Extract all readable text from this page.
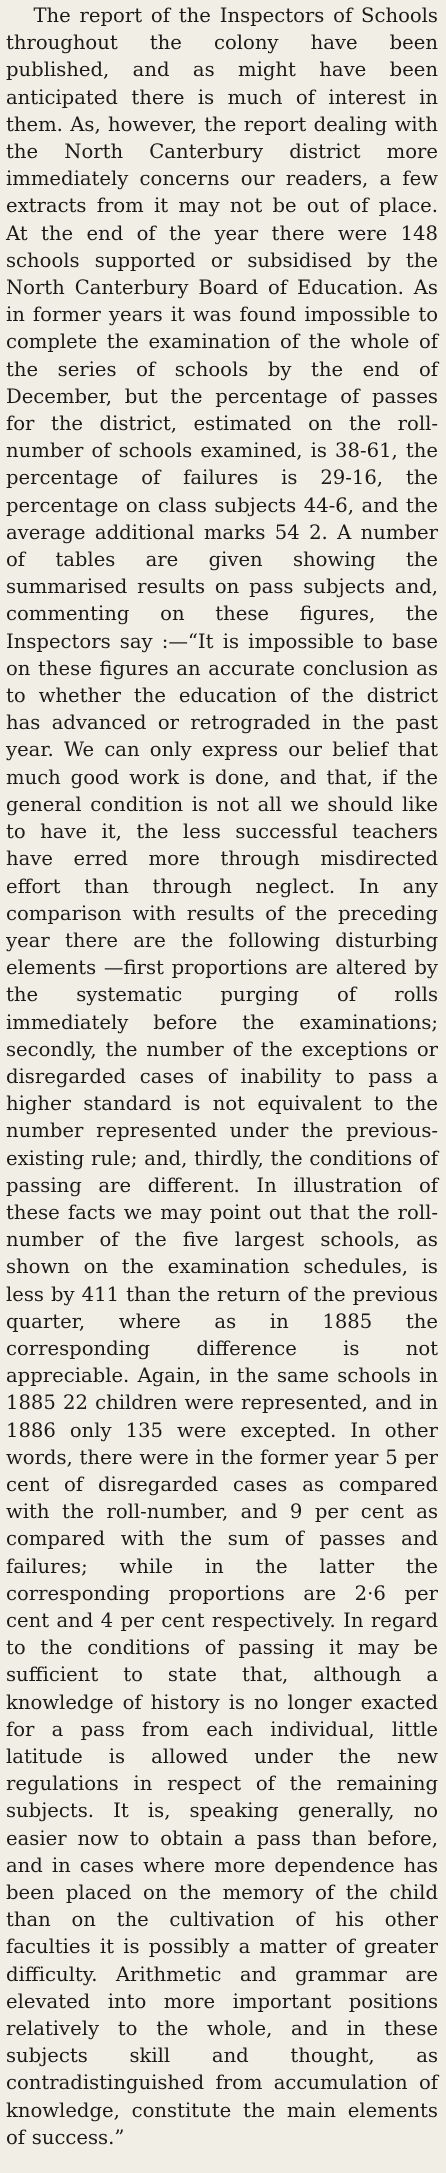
The report of the Inspectors of Schools throughout the colony have been published, and as might have been anticipated there is much of interest in them. As, however, the report dealing with the North Canterbury district more immediately concerns our readers, a few extracts from it may not be out of place. At the end of the year there were 148 schools supported or subsidised by the North Canterbury Board of Education. As in former years it was found impossible to complete the examination of the whole of the series of schools by the end of December, but the percentage of passes for the district, estimated on the roll-number of schools examined, is 38-61, the percentage of failures is 29-16, the percentage on class subjects 44-6, and the average additional marks 54 2. A number of tables are given showing the summarised results on pass subjects and, commenting on these figures, the Inspectors say :—“It is impossible to base on these figures an accurate conclusion as to whether the education of the district has advanced or retrograded in the past year. We can only express our belief that much good work is done, and that, if the general condition is not all we should like to have it, the less successful teachers have erred more through misdirected effort than through neglect. In any comparison with results of the preceding year there are the following disturbing elements —first proportions are altered by the systematic purging of rolls immediately before the examinations; secondly, the number of the exceptions or disregarded cases of inability to pass a higher standard is not equivalent to the number represented under the previous-existing rule; and, thirdly, the conditions of passing are different. In illustration of these facts we may point out that the roll-number of the five largest schools, as shown on the examination schedules, is less by 411 than the return of the previous quarter, where as in 1885 the corresponding difference is not appreciable. Again, in the same schools in 1885 22 children were represented, and in 1886 only 135 were excepted. In other words, there were in the former year 5 per cent of disregarded cases as compared with the roll-number, and 9 per cent as compared with the sum of passes and failures; while in the latter the corresponding proportions are 2·6 per cent and 4 per cent respectively. In regard to the conditions of passing it may be sufficient to state that, although a knowledge of history is no longer exacted for a pass from each individual, little latitude is allowed under the new regulations in respect of the remaining subjects. It is, speaking generally, no easier now to obtain a pass than before, and in cases where more dependence has been placed on the memory of the child than on the cultivation of his other faculties it is possibly a matter of greater difficulty. Arithmetic and grammar are elevated into more important positions relatively to the whole, and in these subjects skill and thought, as contradistinguished from accumulation of knowledge, constitute the main elements of success.”
